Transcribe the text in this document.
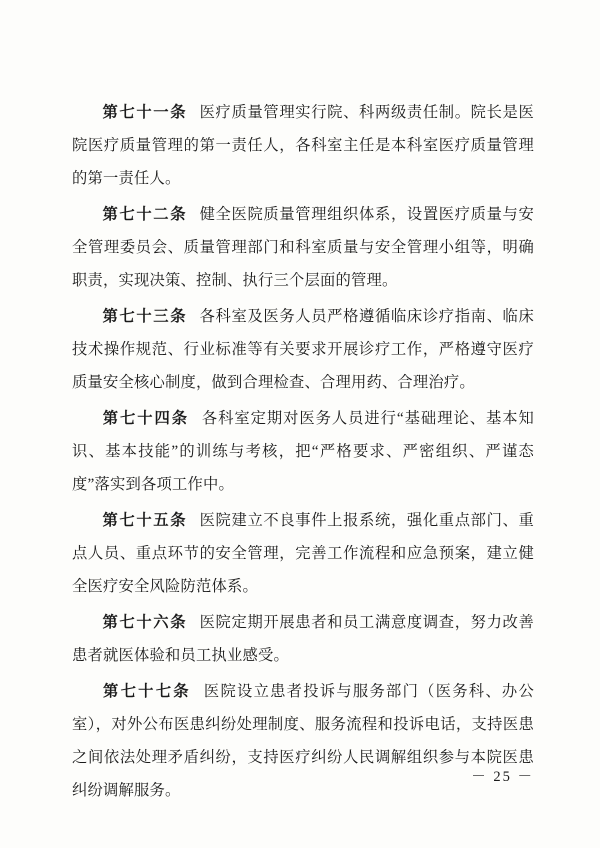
第七十一条 医疗质量管理实行院、科两级责任制。院长是医院医疗质量管理的第一责任人，各科室主任是本科室医疗质量管理的第一责任人。

第七十二条 健全医院质量管理组织体系，设置医疗质量与安全管理委员会、质量管理部门和科室质量与安全管理小组等，明确职责，实现决策、控制、执行三个层面的管理。

第七十三条 各科室及医务人员严格遵循临床诊疗指南、临床技术操作规范、行业标准等有关要求开展诊疗工作，严格遵守医疗质量安全核心制度，做到合理检查、合理用药、合理治疗。

第七十四条 各科室定期对医务人员进行“基础理论、基本知识、基本技能”的训练与考核，把“严格要求、严密组织、严谨态度”落实到各项工作中。

第七十五条 医院建立不良事件上报系统，强化重点部门、重点人员、重点环节的安全管理，完善工作流程和应急预案，建立健全医疗安全风险防范体系。

第七十六条 医院定期开展患者和员工满意度调查，努力改善患者就医体验和员工执业感受。

第七十七条 医院设立患者投诉与服务部门（医务科、办公室），对外公布医患纠纷处理制度、服务流程和投诉电话，支持医患之间依法处理矛盾纠纷，支持医疗纠纷人民调解组织参与本院医患纠纷调解服务。

－ 25 －
